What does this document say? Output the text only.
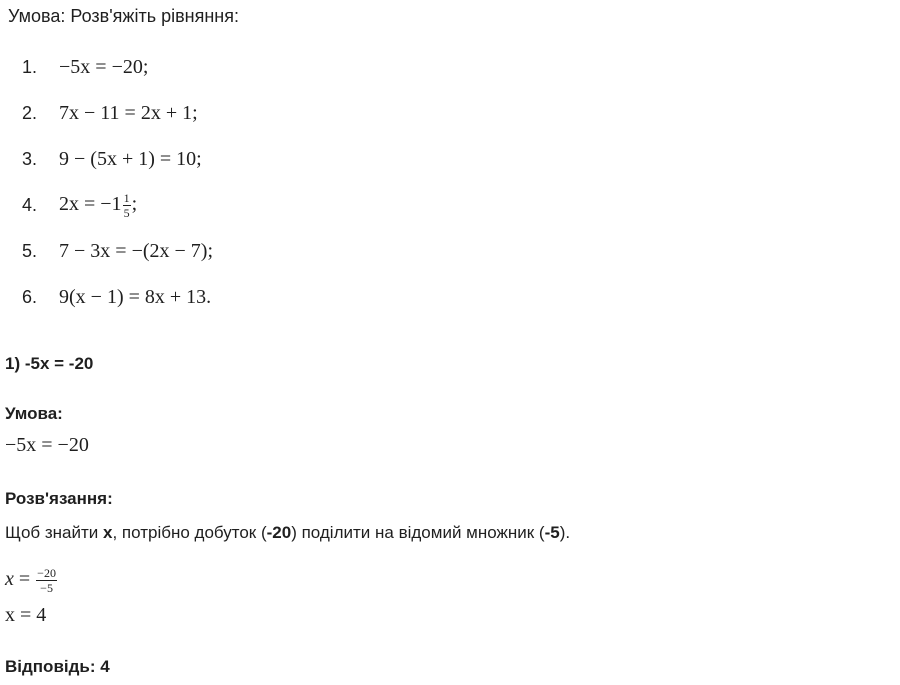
Умова: Розв'яжіть рівняння:
1.	−5x = −20;
2.	7x − 11 = 2x + 1;
3.	9 − (5x + 1) = 10;
4.	$2x = -1 \frac{1}{5}$ ;
5.	7 − 3x = −(2x − 7);
6.	9(x − 1) = 8x + 13.
1) -5x = -20
Умова:
−5x = −20
Розв'язання:
Щоб знайти x, потрібно добуток (-20) поділити на відомий множник (-5).
$x = \frac{-20}{-5}$
x = 4
Відповідь: 4
